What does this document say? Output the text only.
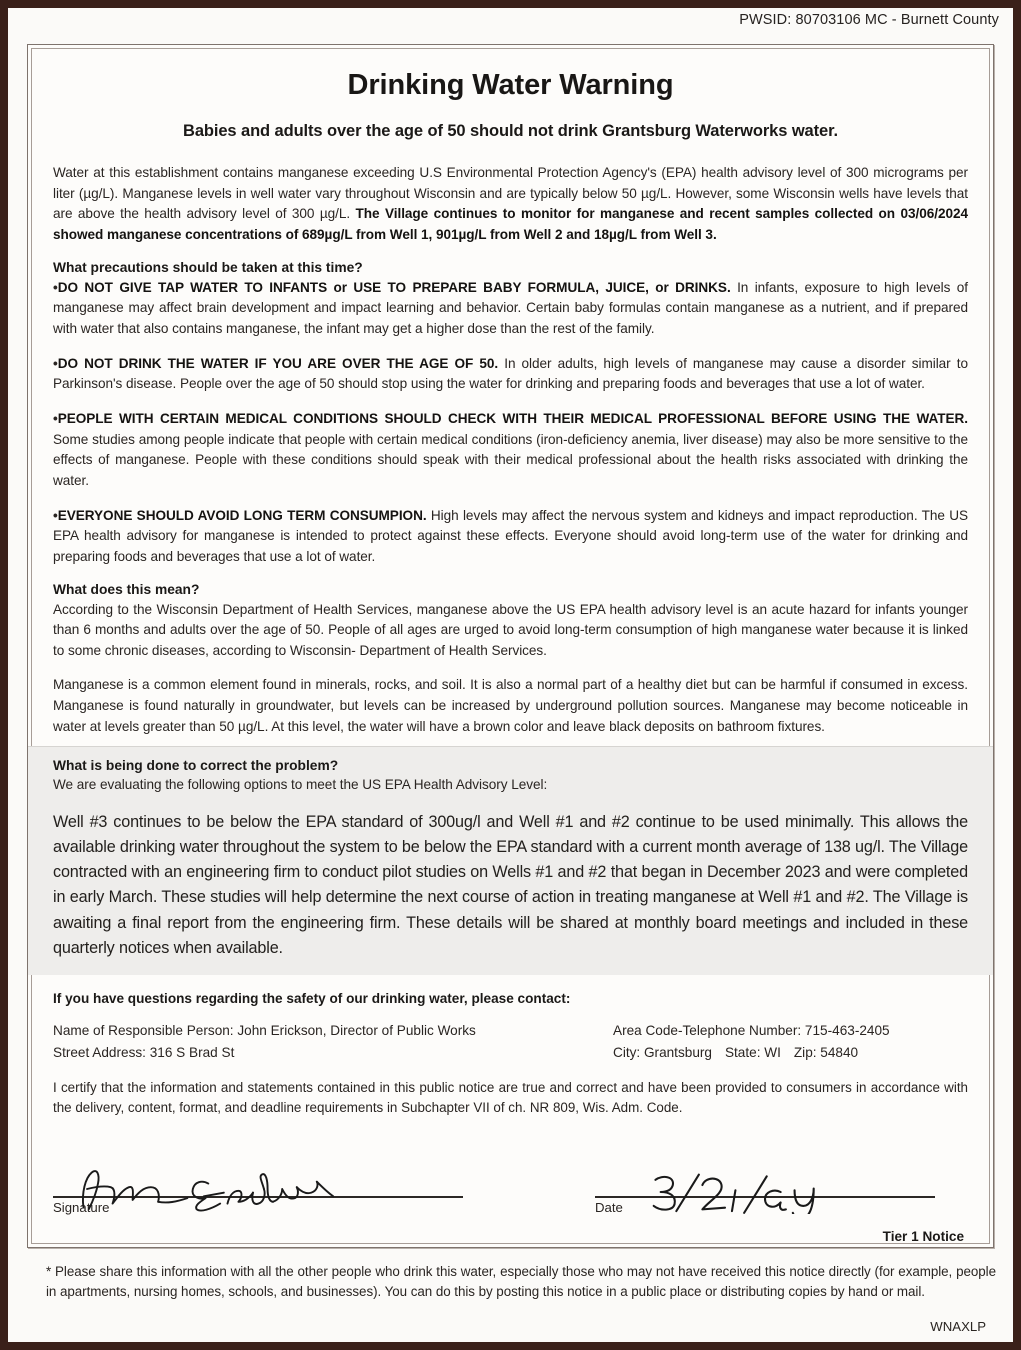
PWSID: 80703106 MC - Burnett County
Drinking Water Warning
Babies and adults over the age of 50 should not drink Grantsburg Waterworks water.

Water at this establishment contains manganese exceeding U.S Environmental Protection Agency's (EPA) health advisory level of 300 micrograms per liter (µg/L). Manganese levels in well water vary throughout Wisconsin and are typically below 50 µg/L. However, some Wisconsin wells have levels that are above the health advisory level of 300 µg/L. The Village continues to monitor for manganese and recent samples collected on 03/06/2024 showed manganese concentrations of 689µg/L from Well 1, 901µg/L from Well 2 and 18µg/L from Well 3.

What precautions should be taken at this time?

•DO NOT GIVE TAP WATER TO INFANTS or USE TO PREPARE BABY FORMULA, JUICE, or DRINKS. In infants, exposure to high levels of manganese may affect brain development and impact learning and behavior. Certain baby formulas contain manganese as a nutrient, and if prepared with water that also contains manganese, the infant may get a higher dose than the rest of the family.

•DO NOT DRINK THE WATER IF YOU ARE OVER THE AGE OF 50. In older adults, high levels of manganese may cause a disorder similar to Parkinson's disease. People over the age of 50 should stop using the water for drinking and preparing foods and beverages that use a lot of water.

•PEOPLE WITH CERTAIN MEDICAL CONDITIONS SHOULD CHECK WITH THEIR MEDICAL PROFESSIONAL BEFORE USING THE WATER. Some studies among people indicate that people with certain medical conditions (iron-deficiency anemia, liver disease) may also be more sensitive to the effects of manganese. People with these conditions should speak with their medical professional about the health risks associated with drinking the water.

•EVERYONE SHOULD AVOID LONG TERM CONSUMPION. High levels may affect the nervous system and kidneys and impact reproduction. The US EPA health advisory for manganese is intended to protect against these effects. Everyone should avoid long-term use of the water for drinking and preparing foods and beverages that use a lot of water.

What does this mean?

According to the Wisconsin Department of Health Services, manganese above the US EPA health advisory level is an acute hazard for infants younger than 6 months and adults over the age of 50. People of all ages are urged to avoid long-term consumption of high manganese water because it is linked to some chronic diseases, according to Wisconsin- Department of Health Services.

Manganese is a common element found in minerals, rocks, and soil. It is also a normal part of a healthy diet but can be harmful if consumed in excess. Manganese is found naturally in groundwater, but levels can be increased by underground pollution sources. Manganese may become noticeable in water at levels greater than 50 µg/L. At this level, the water will have a brown color and leave black deposits on bathroom fixtures.

What is being done to correct the problem?

We are evaluating the following options to meet the US EPA Health Advisory Level:

Well #3 continues to be below the EPA standard of 300ug/l and Well #1 and #2 continue to be used minimally. This allows the available drinking water throughout the system to be below the EPA standard with a current month average of 138 ug/l. The Village contracted with an engineering firm to conduct pilot studies on Wells #1 and #2 that began in December 2023 and were completed in early March. These studies will help determine the next course of action in treating manganese at Well #1 and #2. The Village is awaiting a final report from the engineering firm. These details will be shared at monthly board meetings and included in these quarterly notices when available.

If you have questions regarding the safety of our drinking water, please contact:
Name of Responsible Person: John Erickson, Director of Public Works
Street Address: 316 S Brad St
Area Code-Telephone Number: 715-463-2405
City: Grantsburg State: WI Zip: 54840

I certify that the information and statements contained in this public notice are true and correct and have been provided to consumers in accordance with the delivery, content, format, and deadline requirements in Subchapter VII of ch. NR 809, Wis. Adm. Code.

Signature	Date
Tier 1 Notice

* Please share this information with all the other people who drink this water, especially those who may not have received this notice directly (for example, people in apartments, nursing homes, schools, and businesses). You can do this by posting this notice in a public place or distributing copies by hand or mail.

WNAXLP
